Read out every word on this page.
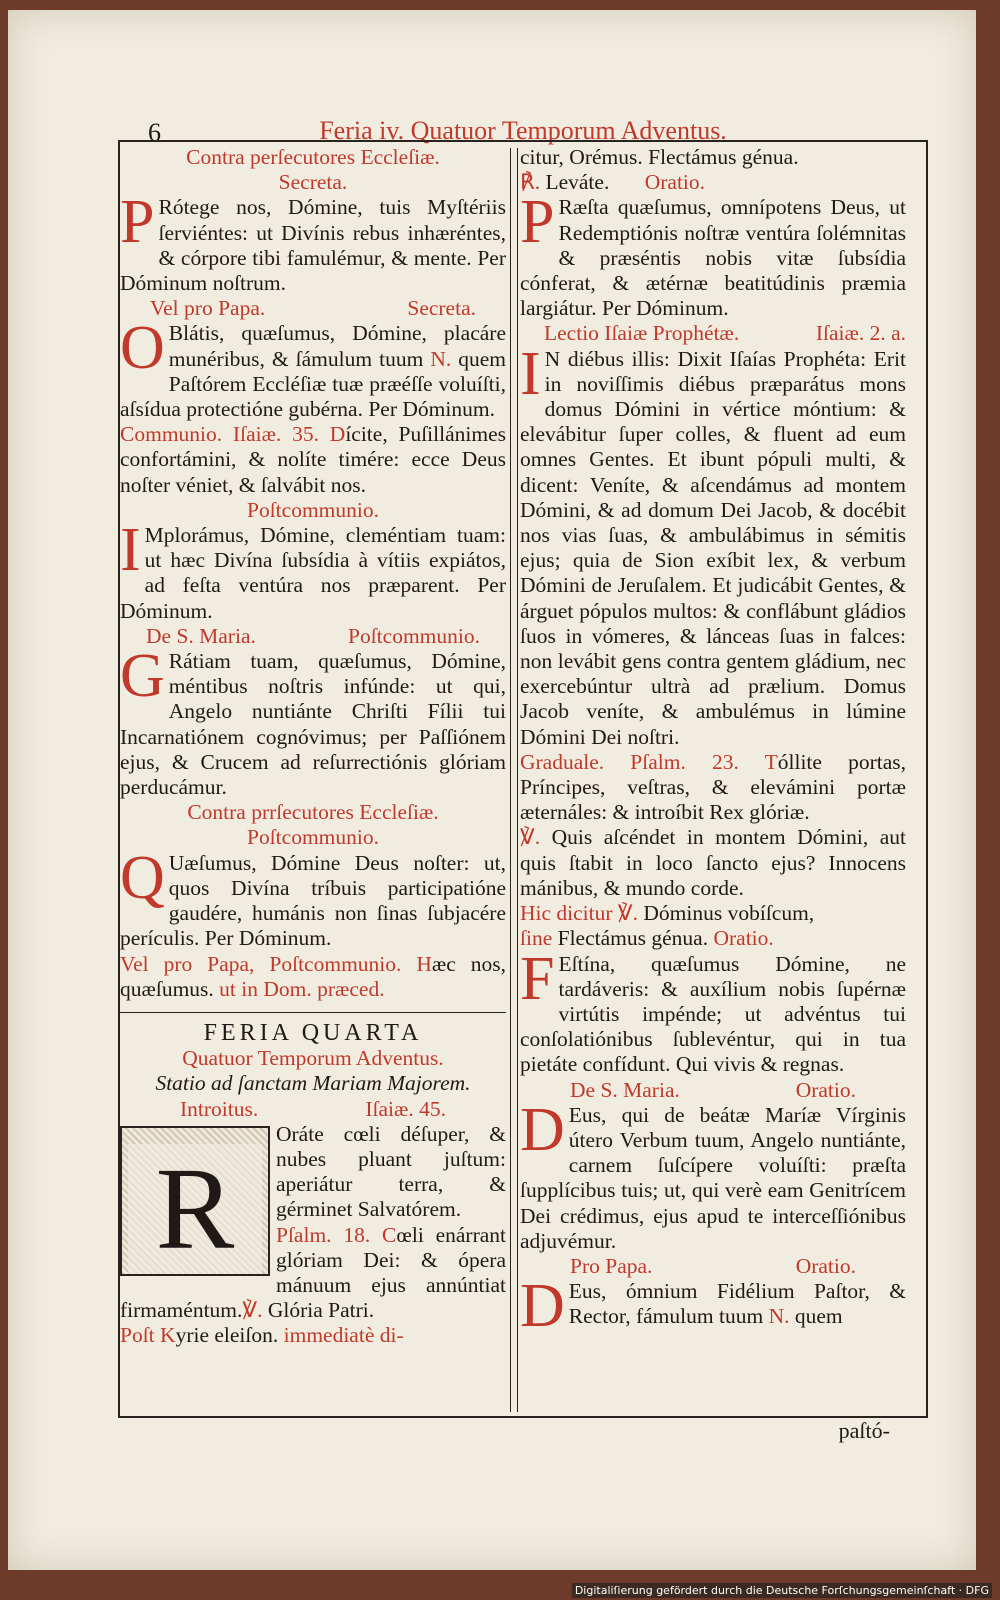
6	Feria iv. Quatuor Temporum Adventus.

Contra perſecutores Eccleſiæ.

Secreta.

P Rótege nos, Dómine, tuis Myſtériis ſerviéntes: ut Divínis rebus inhæréntes, & córpore tibi famulémur, & mente. Per Dóminum noſtrum.

Vel pro Papa.	Secreta.

O Blátis, quæſumus, Dómine, placáre munéribus, & ſámulum tuum N. quem Paſtórem Eccléſiæ tuæ præéſſe voluíſti, aſsídua protectióne gubérna. Per Dóminum.

Communio. Iſaiæ. 35. Dícite, Puſillánimes confortámini, & nolíte timére: ecce Deus noſter véniet, & ſalvábit nos.

Poſtcommunio.

I Mplorámus, Dómine, cleméntiam tuam: ut hæc Divína ſubsídia à vítiis expiátos, ad feſta ventúra nos præparent. Per Dóminum.

De S. Maria.	Poſtcommunio.

G Rátiam tuam, quæſumus, Dómine, méntibus noſtris infúnde: ut qui, Angelo nuntiánte Chriſti Fílii tui Incarnatiónem cognóvimus; per Paſſiónem ejus, & Crucem ad reſurrectiónis glóriam perducámur.

Contra prrſecutores Eccleſiæ.

Poſtcommunio.

Q Uæſumus, Dómine Deus noſter: ut, quos Divína tríbuis participatióne gaudére, humánis non ſinas ſubjacére perículis. Per Dóminum.

Vel pro Papa, Poſtcommunio. Hæc nos, quæſumus. ut in Dom. præced.

FERIA QUARTA

Quatuor Temporum Adventus.

Statio ad ſanctam Mariam Majorem.

Introitus.	Iſaiæ. 45.

R

Oráte cœli déſuper, & nubes pluant juſtum: aperiátur terra, & gérminet Salvatórem.

Pſalm. 18. Cœli enárrant glóriam Dei: & ópera mánuum ejus annúntiat firmaméntum.℣. Glória Patri.

Poſt Kyrie eleiſon. immediatè di-

citur, Orémus. Flectámus génua.

℟. Leváte. Oratio.

P Ræſta quæſumus, omnípotens Deus, ut Redemptiónis noſtræ ventúra ſolémnitas & præséntis nobis vitæ ſubsídia cónferat, & ætérnæ beatitúdinis præmia largiátur. Per Dóminum.

Lectio Iſaiæ Prophétæ.	Iſaiæ. 2. a.

I N diébus illis: Dixit Iſaías Prophéta: Erit in noviſſimis diébus præparátus mons domus Dómini in vértice móntium: & elevábitur ſuper colles, & fluent ad eum omnes Gentes. Et ibunt pópuli multi, & dicent: Veníte, & aſcendámus ad montem Dómini, & ad domum Dei Jacob, & docébit nos vias ſuas, & ambulábimus in sémitis ejus; quia de Sion exíbit lex, & verbum Dómini de Jeruſalem. Et judicábit Gentes, & árguet pópulos multos: & conflábunt gládios ſuos in vómeres, & lánceas ſuas in falces: non levábit gens contra gentem gládium, nec exercebúntur ultrà ad prælium. Domus Jacob veníte, & ambulémus in lúmine Dómini Dei noſtri.

Graduale. Pſalm. 23. Tóllite portas, Príncipes, veſtras, & elevámini portæ æternáles: & introíbit Rex glóriæ.

℣. Quis aſcéndet in montem Dómini, aut quis ſtabit in loco ſancto ejus? Innocens mánibus, & mundo corde.

Hic dicitur ℣. Dóminus vobíſcum,

ſine Flectámus génua. Oratio.

F Eſtína, quæſumus Dómine, ne tardáveris: & auxílium nobis ſupérnæ virtútis impénde; ut advéntus tui conſolatiónibus ſublevéntur, qui in tua pietáte confídunt. Qui vivis & regnas.

De S. Maria.	Oratio.

D Eus, qui de beátæ Maríæ Vírginis útero Verbum tuum, Angelo nuntiánte, carnem ſuſcípere voluíſti: præſta ſupplícibus tuis; ut, qui verè eam Genitrícem Dei crédimus, ejus apud te interceſſiónibus adjuvémur.

Pro Papa.	Oratio.

D Eus, ómnium Fidélium Paſtor, & Rector, fámulum tuum N. quem

paſtó-
Digitaliſierung gefördert durch die Deutsche Forſchungsgemeinſchaft · DFG
